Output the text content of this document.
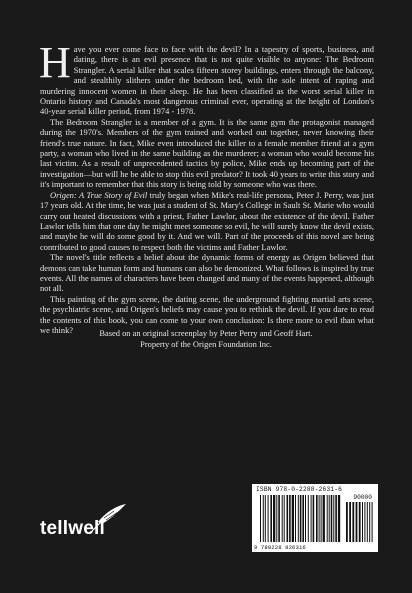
Have you ever come face to face with the devil? In a tapestry of sports, business, and dating, there is an evil presence that is not quite visible to anyone: The Bedroom Strangler. A serial killer that scales fifteen storey buildings, enters through the balcony, and stealthily slithers under the bedroom bed, with the sole intent of raping and murdering innocent women in their sleep. He has been classified as the worst serial killer in Ontario history and Canada's most dangerous criminal ever, operating at the height of London's 40-year serial killer period, from 1974 - 1978.

The Bedroom Strangler is a member of a gym. It is the same gym the protagonist managed during the 1970's. Members of the gym trained and worked out together, never knowing their friend's true nature. In fact, Mike even introduced the killer to a female member friend at a gym party, a woman who lived in the same building as the murderer; a woman who would become his last victim. As a result of unprecedented tactics by police, Mike ends up becoming part of the investigation—but will he be able to stop this evil predator? It took 40 years to write this story and it's important to remember that this story is being told by someone who was there.

Origen: A True Story of Evil truly began when Mike's real-life persona, Peter J. Perry, was just 17 years old. At the time, he was just a student of St. Mary's College in Sault St. Marie who would carry out heated discussions with a priest, Father Lawlor, about the existence of the devil. Father Lawlor tells him that one day he might meet someone so evil, he will surely know the devil exists, and maybe he will do some good by it. And we will. Part of the proceeds of this novel are being contributed to good causes to respect both the victims and Father Lawlor.

The novel's title reflects a belief about the dynamic forms of energy as Origen believed that demons can take human form and humans can also be demonized. What follows is inspired by true events. All the names of characters have been changed and many of the events happened, although not all.

This painting of the gym scene, the dating scene, the underground fighting martial arts scene, the psychiatric scene, and Origen's beliefs may cause you to rethink the devil. If you dare to read the contents of this book, you can come to your own conclusion: Is there more to evil than what we think?	Based on an original screenplay by Peter Perry and Geoff Hart.
Property of the Origen Foundation Inc.
tellwell
ISBN 978-0-2288-2631-6
90000
9 780228 826316
